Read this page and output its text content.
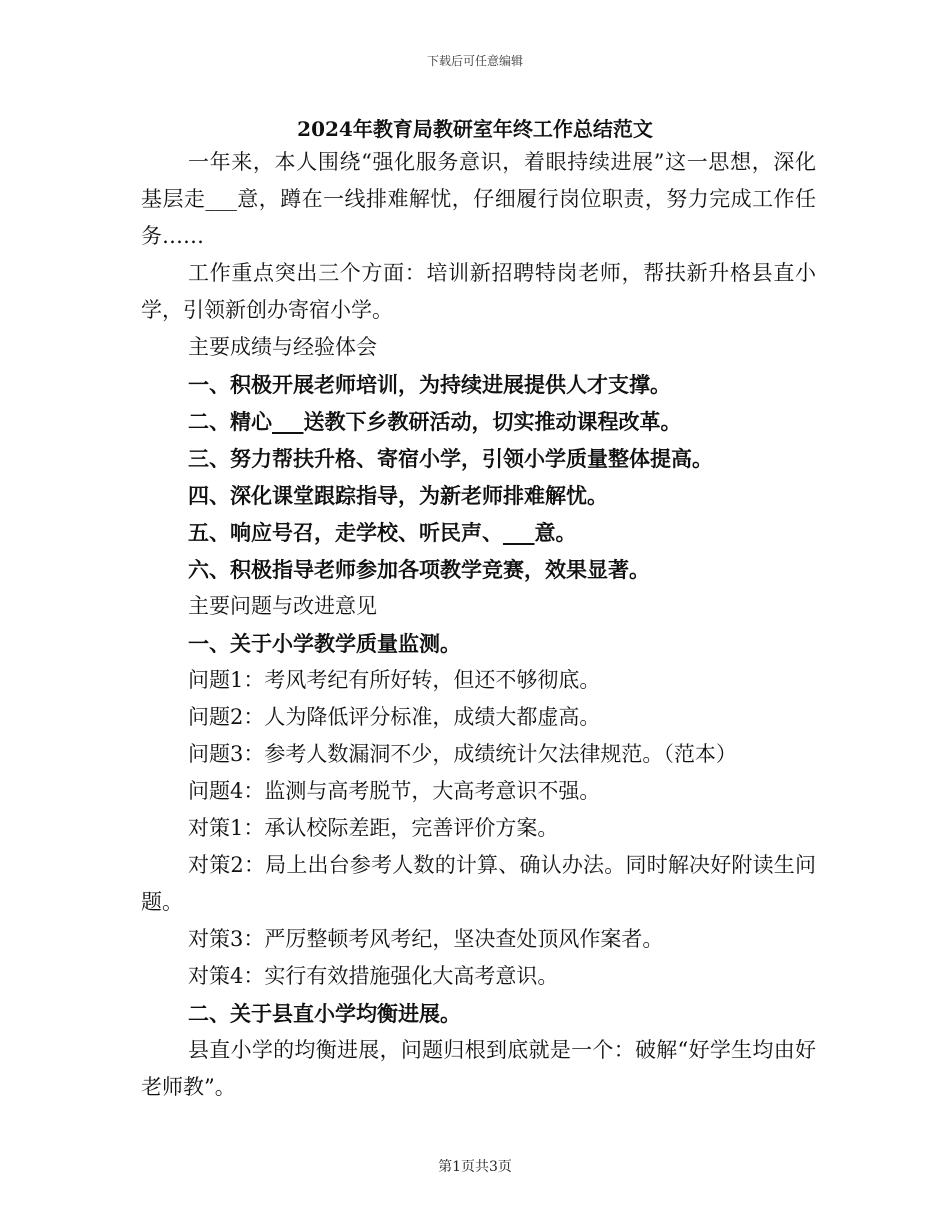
下载后可任意编辑
2024年教育局教研室年终工作总结范文

一年来，本人围绕“强化服务意识，着眼持续进展”这一思想，深化基层走___意，蹲在一线排难解忧，仔细履行岗位职责，努力完成工作任务……

工作重点突出三个方面：培训新招聘特岗老师，帮扶新升格县直小学，引领新创办寄宿小学。

主要成绩与经验体会

一、积极开展老师培训，为持续进展提供人才支撑。

二、精心___送教下乡教研活动，切实推动课程改革。

三、努力帮扶升格、寄宿小学，引领小学质量整体提高。

四、深化课堂跟踪指导，为新老师排难解忧。

五、响应号召，走学校、听民声、___意。

六、积极指导老师参加各项教学竞赛，效果显著。

主要问题与改进意见

一、关于小学教学质量监测。

问题1：考风考纪有所好转，但还不够彻底。

问题2：人为降低评分标准，成绩大都虚高。

问题3：参考人数漏洞不少，成绩统计欠法律规范。（范本）

问题4：监测与高考脱节，大高考意识不强。

对策1：承认校际差距，完善评价方案。

对策2：局上出台参考人数的计算、确认办法。同时解决好附读生问题。

对策3：严厉整顿考风考纪，坚决查处顶风作案者。

对策4：实行有效措施强化大高考意识。

二、关于县直小学均衡进展。

县直小学的均衡进展，问题归根到底就是一个：破解“好学生均由好老师教”。

第1页共3页
